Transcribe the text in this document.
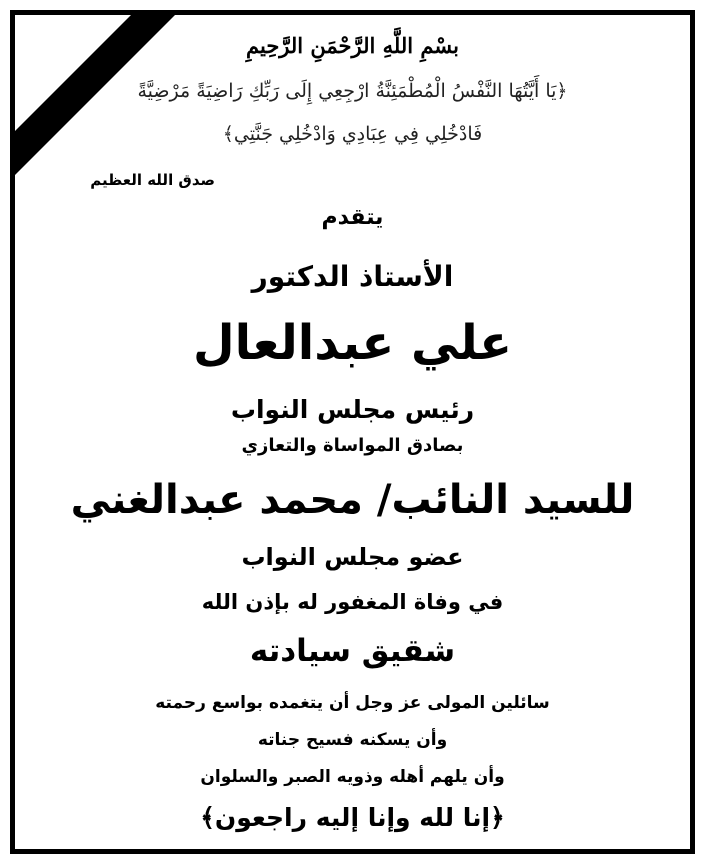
بسْمِ اللَّهِ الرَّحْمَنِ الرَّحِيمِ
﴿يَا أَيَّتُهَا النَّفْسُ الْمُطْمَئِنَّةُ ارْجِعِي إِلَى رَبِّكِ رَاضِيَةً مَرْضِيَّةً
فَادْخُلِي فِي عِبَادِي وَادْخُلِي جَنَّتِي﴾
صدق الله العظيم
يتقدم
الأستاذ الدكتور
علي عبدالعال
رئيس مجلس النواب
بصادق المواساة والتعازي
للسيد النائب/ محمد عبدالغني
عضو مجلس النواب
في وفاة المغفور له بإذن الله
شقيق سيادته
سائلين المولى عز وجل أن يتغمده بواسع رحمته
وأن يسكنه فسيح جناته
وأن يلهم أهله وذويه الصبر والسلوان
﴿إنا لله وإنا إليه راجعون﴾
